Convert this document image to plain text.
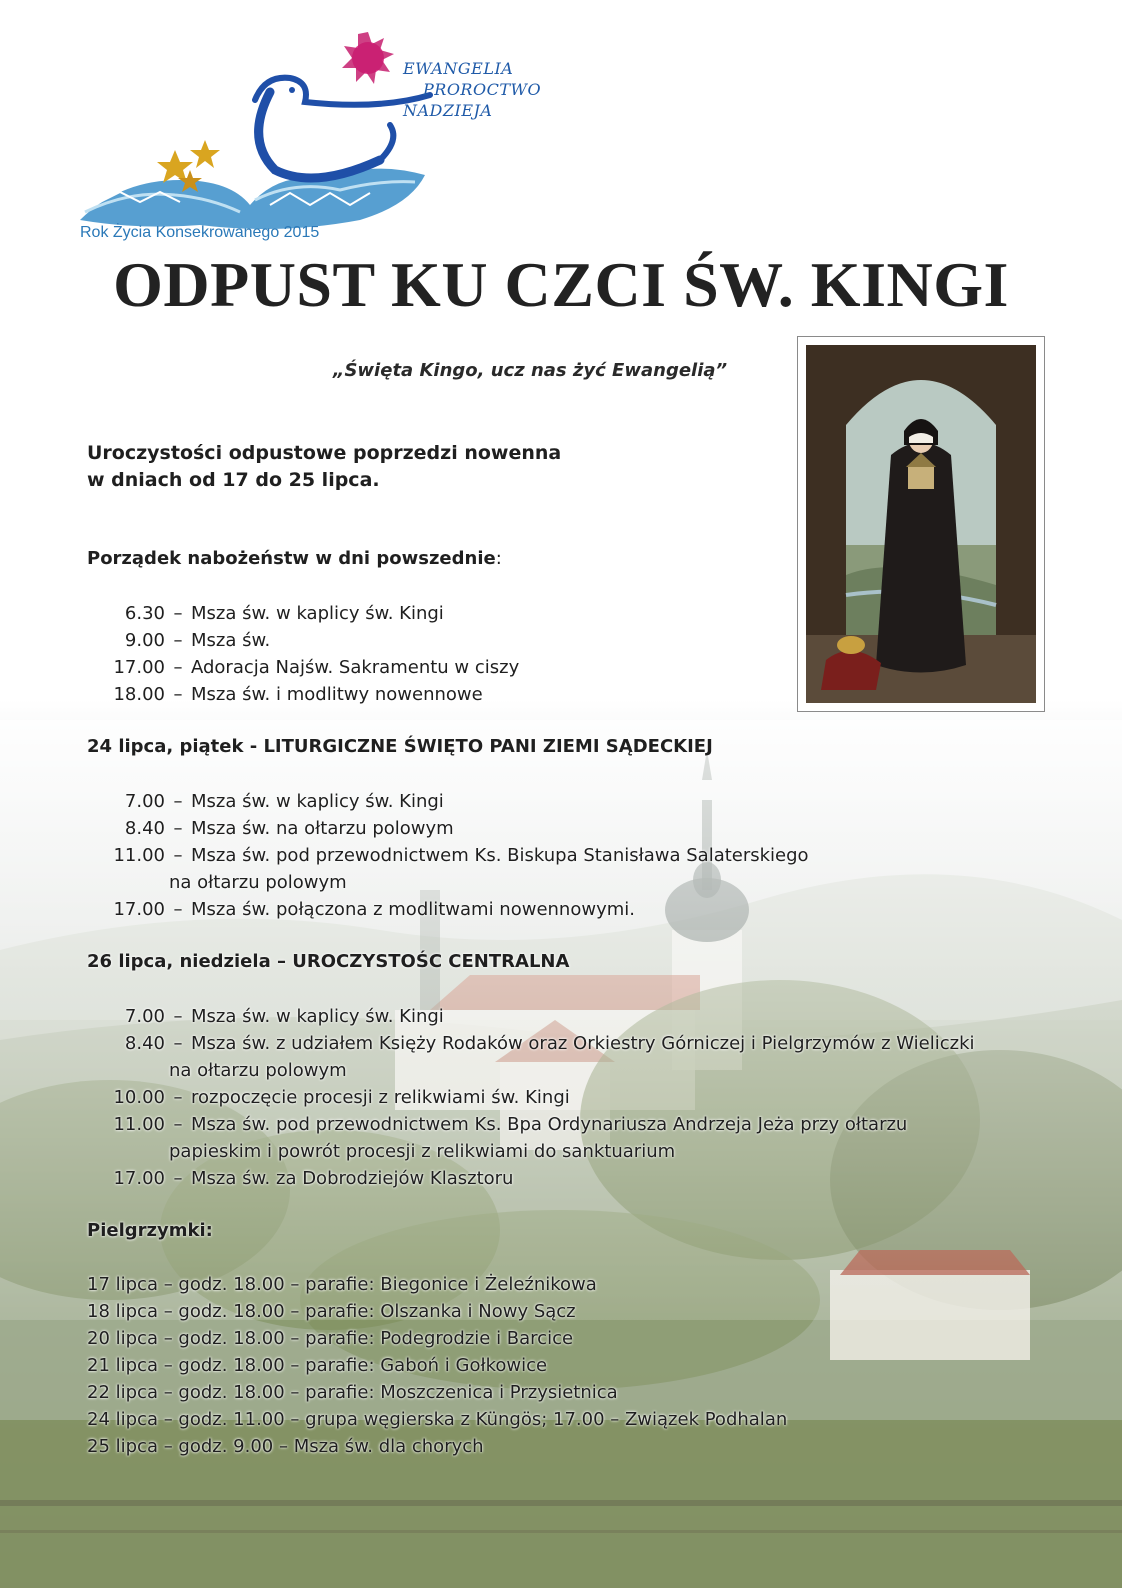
EWANGELIA
PROROCTWO
NADZIEJA
Rok Życia Konsekrowanego 2015
ODPUST KU CZCI ŚW. KINGI
„Święta Kingo, ucz nas żyć Ewangelią”
Uroczystości odpustowe poprzedzi nowenna
w dniach od 17 do 25 lipca.
Porządek nabożeństw w dni powszednie:
6.30 – Msza św. w kaplicy św. Kingi
9.00 – Msza św.
17.00 – Adoracja Najśw. Sakramentu w ciszy
18.00 – Msza św. i modlitwy nowennowe
24 lipca, piątek - LITURGICZNE ŚWIĘTO PANI ZIEMI SĄDECKIEJ
7.00 – Msza św. w kaplicy św. Kingi
8.40 – Msza św. na ołtarzu polowym
11.00 – Msza św. pod przewodnictwem Ks. Biskupa Stanisława Salaterskiego
na ołtarzu polowym
17.00 – Msza św. połączona z modlitwami nowennowymi.
26 lipca, niedziela – UROCZYSTOŚC CENTRALNA
7.00 – Msza św. w kaplicy św. Kingi
8.40 – Msza św. z udziałem Księży Rodaków oraz Orkiestry Górniczej i Pielgrzymów z Wieliczki
na ołtarzu polowym
10.00 – rozpoczęcie procesji z relikwiami św. Kingi
11.00 – Msza św. pod przewodnictwem Ks. Bpa Ordynariusza Andrzeja Jeża przy ołtarzu
papieskim i powrót procesji z relikwiami do sanktuarium
17.00 – Msza św. za Dobrodziejów Klasztoru
Pielgrzymki:
17 lipca – godz. 18.00 – parafie: Biegonice i Żeleźnikowa
18 lipca – godz. 18.00 – parafie: Olszanka i Nowy Sącz
20 lipca – godz. 18.00 – parafie: Podegrodzie i Barcice
21 lipca – godz. 18.00 – parafie: Gaboń i Gołkowice
22 lipca – godz. 18.00 – parafie: Moszczenica i Przysietnica
24 lipca – godz. 11.00 – grupa węgierska z Küngös; 17.00 – Związek Podhalan
25 lipca – godz. 9.00 – Msza św. dla chorych
